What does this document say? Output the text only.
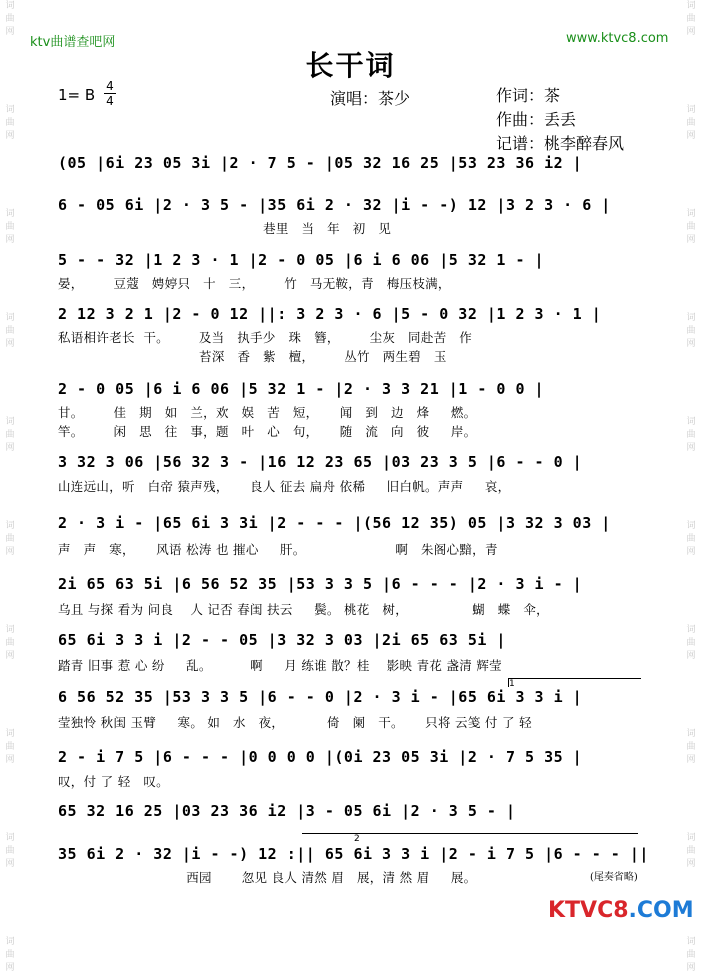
词曲网

词曲网

词曲网

词曲网

词曲网

词曲网

词曲网

词曲网

词曲网

词曲网
词曲网

词曲网

词曲网

词曲网

词曲网

词曲网

词曲网

词曲网

词曲网

词曲网
ktv曲谱查吧网	www.ktvc8.com
长干词
1= B 4
4	演唱：茶少	作词：茶
作曲：丢丢
记谱：桃李醉春风
(05 |6i 23 05 3i |2 · 7 5 - |05 32 16 25 |53 23 36 i2 |
6 - 05 6i |2 · 3 5 - |35 6i 2 · 32 |i - -) 12 |3 2 3 · 6 |
巷里   当   年   初   见
5 - - 32 |1 2 3 · 1 |2 - 0 05 |6 i 6 06 |5 32 1 - |
晏，       豆蔻   娉婷只   十   三，       竹   马无鞍，青   梅压枝满，
2 12 3 2 1 |2 - 0 12 ||: 3 2 3 · 6 |5 - 0 32 |1 2 3 · 1 |
私语相许老长  干。       及当   执手少   珠   簪，       尘灰   同赴苦   作
苔深   香   紫   檀，       丛竹   两生碧   玉
2 - 0 05 |6 i 6 06 |5 32 1 - |2 · 3 3 21 |1 - 0 0 |
甘。       佳   期   如   兰，欢   娱   苦   短，     闻   到   边   烽     燃。
竿。       闲   思   往   事，题   叶   心   句，     随   流   向   彼     岸。
3 32 3 06 |56 32 3 - |16 12 23 65 |03 23 3 5 |6 - - 0 |
山连远山，听   白帝 猿声残，     良人 征去 扁舟 依稀     旧白帆。声声     哀，
2 · 3 i - |65 6i 3 3i |2 - - - |(56 12 35) 05 |3 32 3 03 |
声   声   寒，     风语 松涛 也 摧心     肝。                     啊   朱阁心黯，青
2i 65 63 5i |6 56 52 35 |53 3 3 5 |6 - - - |2 · 3 i - |
乌且 与探 看为 问良    人 记否 春闺 扶云     鬓。 桃花   树，               蝴   蝶   伞，
65 6i 3 3 i |2 - - 05 |3 32 3 03 |2i 65 63 5i |
踏青 旧事 惹 心 纷     乱。         啊     月 练谁 散？桂    影映 青花 盏清 辉莹
6 56 52 35 |53 3 3 5 |6 - - 0 |2 · 3 i - |65 6i 3 3 i |
莹独怜 秋闺 玉臂     寒。 如   水   夜，          倚   阑   干。     只将 云笺 付 了 轻
2 - i 7 5 |6 - - - |0 0 0 0 |(0i 23 05 3i |2 · 7 5 35 |
叹，付 了 轻   叹。
65 32 16 25 |03 23 36 i2 |3 - 05 6i |2 · 3 5 - |
1
2
35 6i 2 · 32 |i - -) 12 :|| 65 6i 3 3 i |2 - i 7 5 |6 - - - ||
西园       忽见 良人 清然 眉   展，清 然 眉     展。	(尾奏省略)
KTVC8.COM
